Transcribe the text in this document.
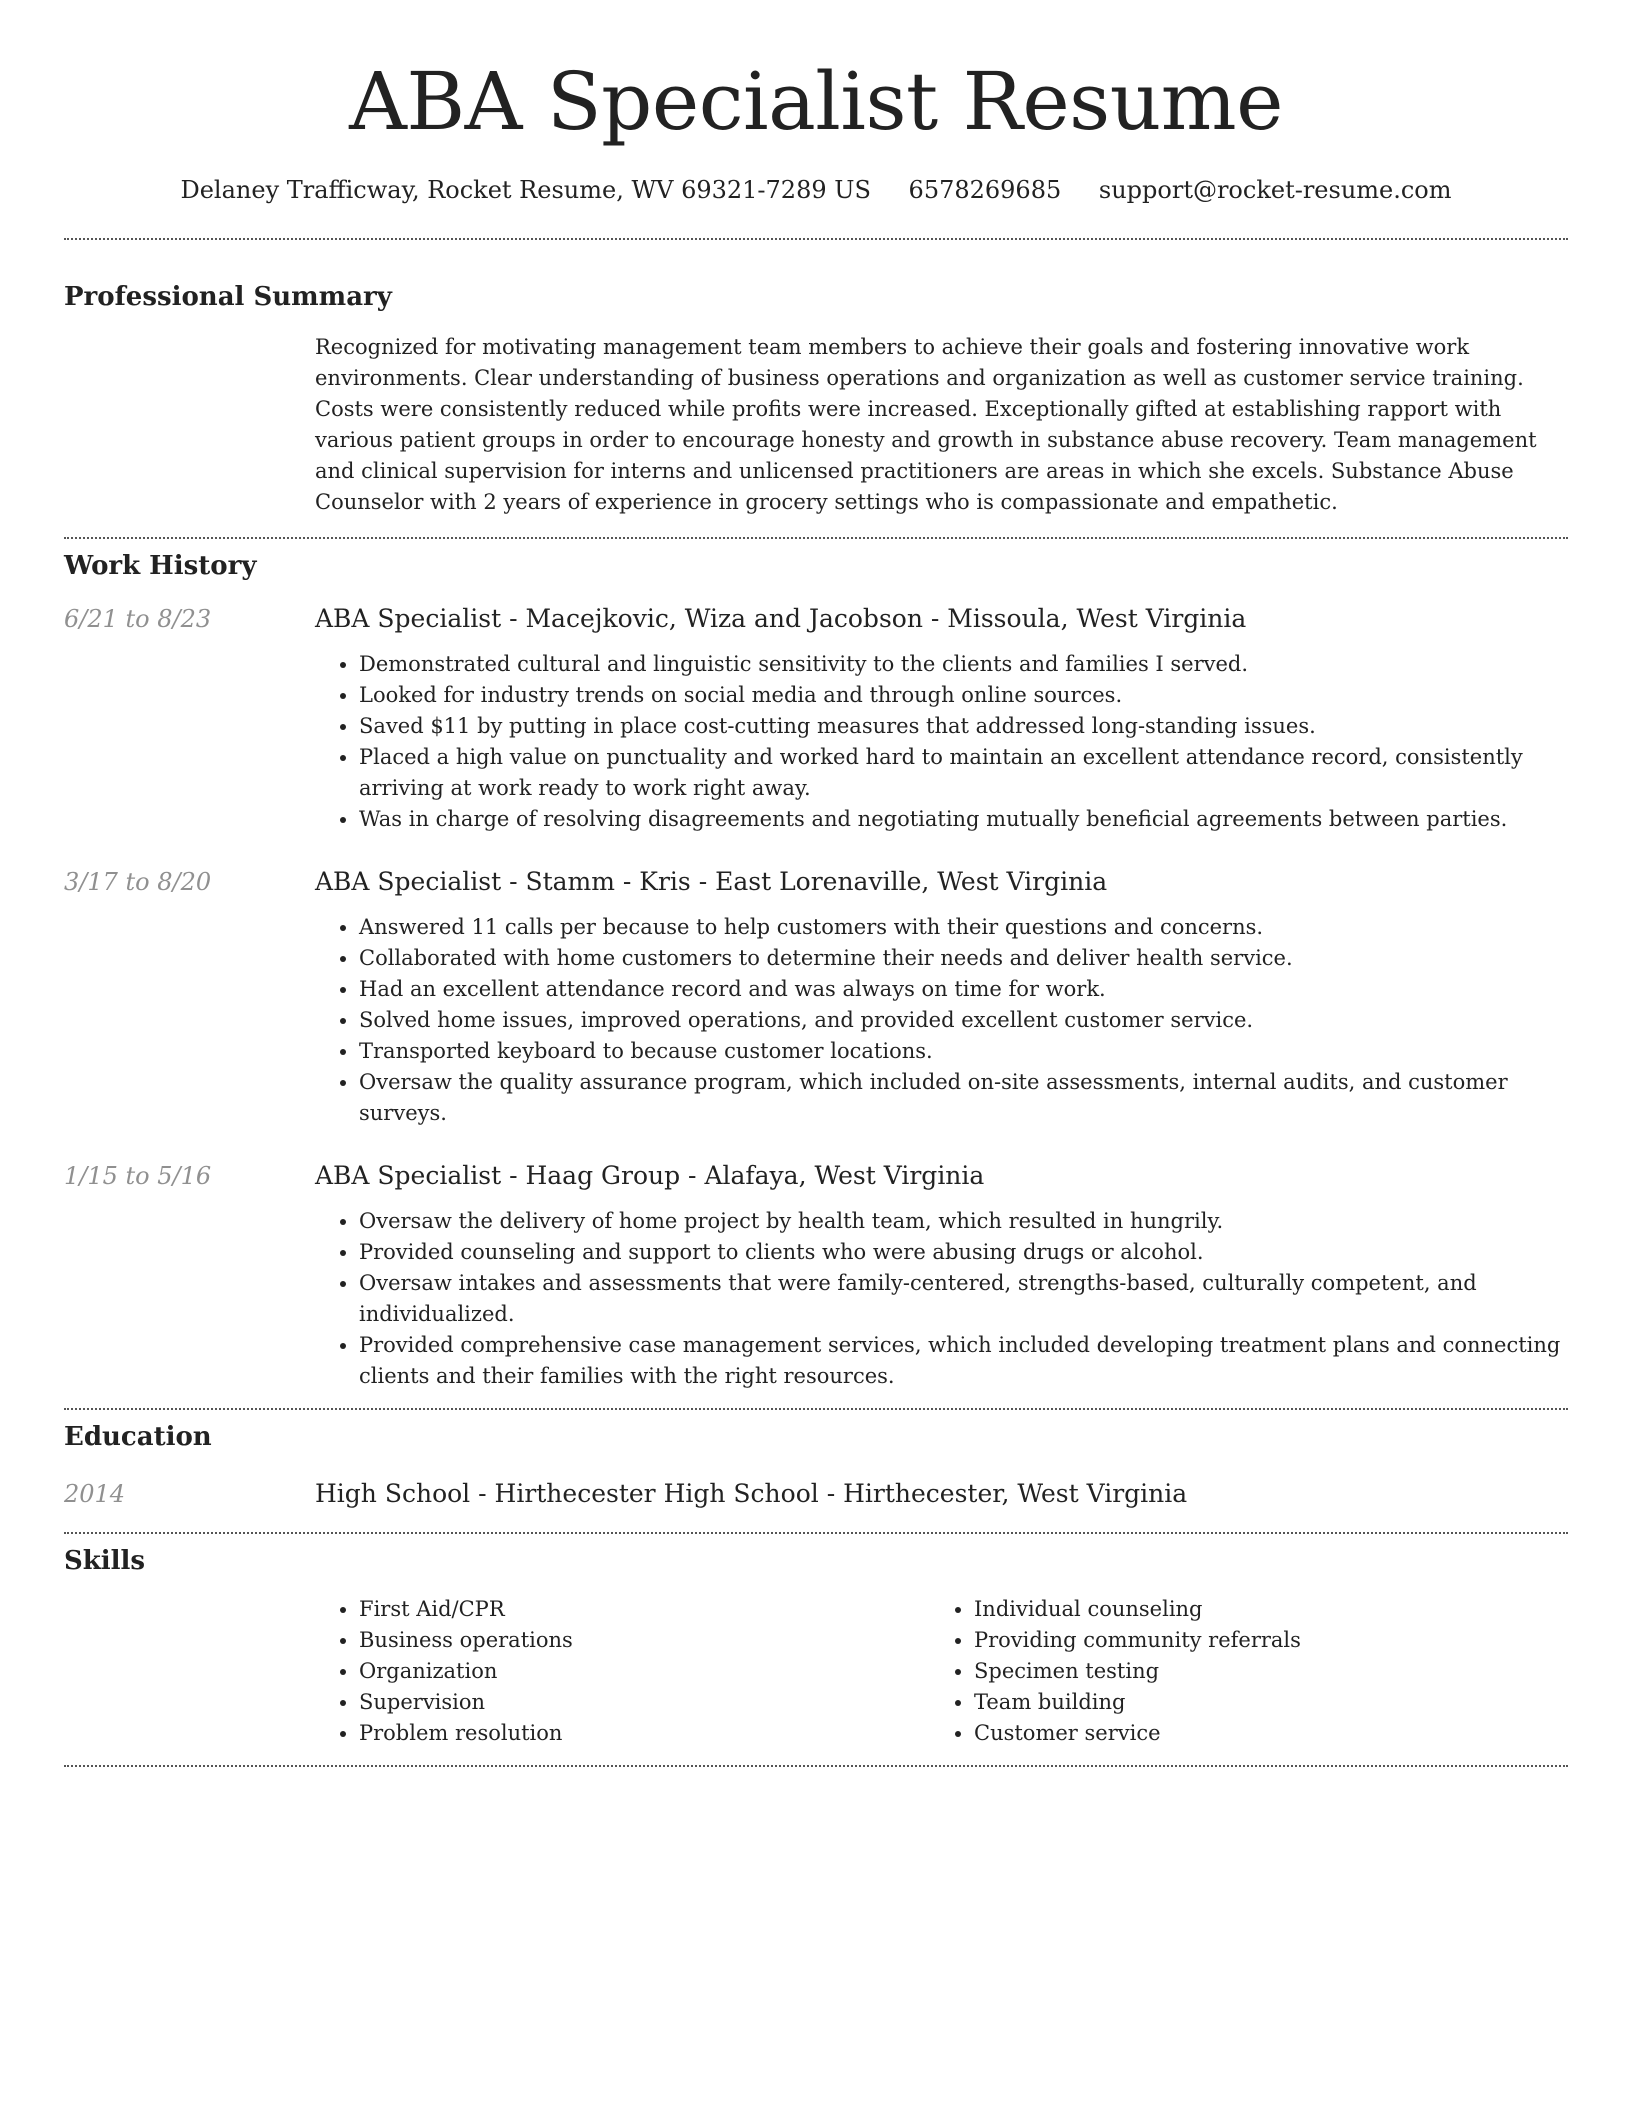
ABA Specialist Resume
Delaney Trafficway, Rocket Resume, WV 69321-7289 US 6578269685 support@rocket-resume.com
Professional Summary

Recognized for motivating management team members to achieve their goals and fostering innovative work environments. Clear understanding of business operations and organization as well as customer service training. Costs were consistently reduced while profits were increased. Exceptionally gifted at establishing rapport with various patient groups in order to encourage honesty and growth in substance abuse recovery. Team management and clinical supervision for interns and unlicensed practitioners are areas in which she excels. Substance Abuse Counselor with 2 years of experience in grocery settings who is compassionate and empathetic.

Work History
6/21 to 8/23	ABA Specialist - Macejkovic, Wiza and Jacobson - Missoula, West Virginia
• Demonstrated cultural and linguistic sensitivity to the clients and families I served.
• Looked for industry trends on social media and through online sources.
• Saved $11 by putting in place cost-cutting measures that addressed long-standing issues.
• Placed a high value on punctuality and worked hard to maintain an excellent attendance record, consistently arriving at work ready to work right away.
• Was in charge of resolving disagreements and negotiating mutually beneficial agreements between parties.
3/17 to 8/20	ABA Specialist - Stamm - Kris - East Lorenaville, West Virginia
• Answered 11 calls per because to help customers with their questions and concerns.
• Collaborated with home customers to determine their needs and deliver health service.
• Had an excellent attendance record and was always on time for work.
• Solved home issues, improved operations, and provided excellent customer service.
• Transported keyboard to because customer locations.
• Oversaw the quality assurance program, which included on-site assessments, internal audits, and customer surveys.
1/15 to 5/16	ABA Specialist - Haag Group - Alafaya, West Virginia
• Oversaw the delivery of home project by health team, which resulted in hungrily.
• Provided counseling and support to clients who were abusing drugs or alcohol.
• Oversaw intakes and assessments that were family-centered, strengths-based, culturally competent, and individualized.
• Provided comprehensive case management services, which included developing treatment plans and connecting clients and their families with the right resources.
Education
2014	High School - Hirthecester High School - Hirthecester, West Virginia
Skills
• First Aid/CPR
• Business operations
• Organization
• Supervision
• Problem resolution
• Individual counseling
• Providing community referrals
• Specimen testing
• Team building
• Customer service
